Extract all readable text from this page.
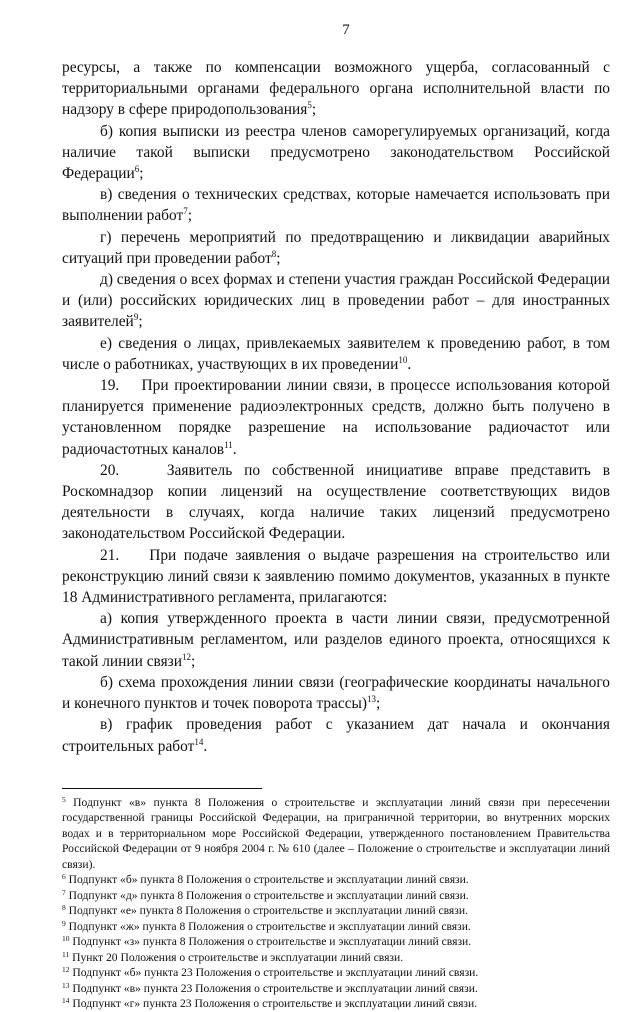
7

ресурсы, а также по компенсации возможного ущерба, согласованный с территориальными органами федерального органа исполнительной власти по надзору в сфере природопользования$^5$;

б) копия выписки из реестра членов саморегулируемых организаций, когда наличие такой выписки предусмотрено законодательством Российской Федерации$^6$;

в) сведения о технических средствах, которые намечается использовать при выполнении работ$^7$;

г) перечень мероприятий по предотвращению и ликвидации аварийных ситуаций при проведении работ$^8$;

д) сведения о всех формах и степени участия граждан Российской Федерации и (или) российских юридических лиц в проведении работ – для иностранных заявителей$^9$;

е) сведения о лицах, привлекаемых заявителем к проведению работ, в том числе о работниках, участвующих в их проведении$^{10}$.

19.    При проектировании линии связи, в процессе использования которой планируется применение радиоэлектронных средств, должно быть получено в установленном порядке разрешение на использование радиочастот или радиочастотных каналов$^{11}$.

20.    Заявитель по собственной инициативе вправе представить в Роскомнадзор копии лицензий на осуществление соответствующих видов деятельности в случаях, когда наличие таких лицензий предусмотрено законодательством Российской Федерации.

21.    При подаче заявления о выдаче разрешения на строительство или реконструкцию линий связи к заявлению помимо документов, указанных в пункте 18 Административного регламента, прилагаются:

а) копия утвержденного проекта в части линии связи, предусмотренной Административным регламентом, или разделов единого проекта, относящихся к такой линии связи$^{12}$;

б) схема прохождения линии связи (географические координаты начального и конечного пунктов и точек поворота трассы)$^{13}$;

в) график проведения работ с указанием дат начала и окончания строительных работ$^{14}$.

$^5$ Подпункт «в» пункта 8 Положения о строительстве и эксплуатации линий связи при пересечении государственной границы Российской Федерации, на приграничной территории, во внутренних морских водах и в территориальном море Российской Федерации, утвержденного постановлением Правительства Российской Федерации от 9 ноября 2004 г. № 610 (далее – Положение о строительстве и эксплуатации линий связи).

$^6$ Подпункт «б» пункта 8 Положения о строительстве и эксплуатации линий связи.

$^7$ Подпункт «д» пункта 8 Положения о строительстве и эксплуатации линий связи.

$^8$ Подпункт «е» пункта 8 Положения о строительстве и эксплуатации линий связи.

$^9$ Подпункт «ж» пункта 8 Положения о строительстве и эксплуатации линий связи.

$^{10}$ Подпункт «з» пункта 8 Положения о строительстве и эксплуатации линий связи.

$^{11}$ Пункт 20 Положения о строительстве и эксплуатации линий связи.

$^{12}$ Подпункт «б» пункта 23 Положения о строительстве и эксплуатации линий связи.

$^{13}$ Подпункт «в» пункта 23 Положения о строительстве и эксплуатации линий связи.

$^{14}$ Подпункт «г» пункта 23 Положения о строительстве и эксплуатации линий связи.
